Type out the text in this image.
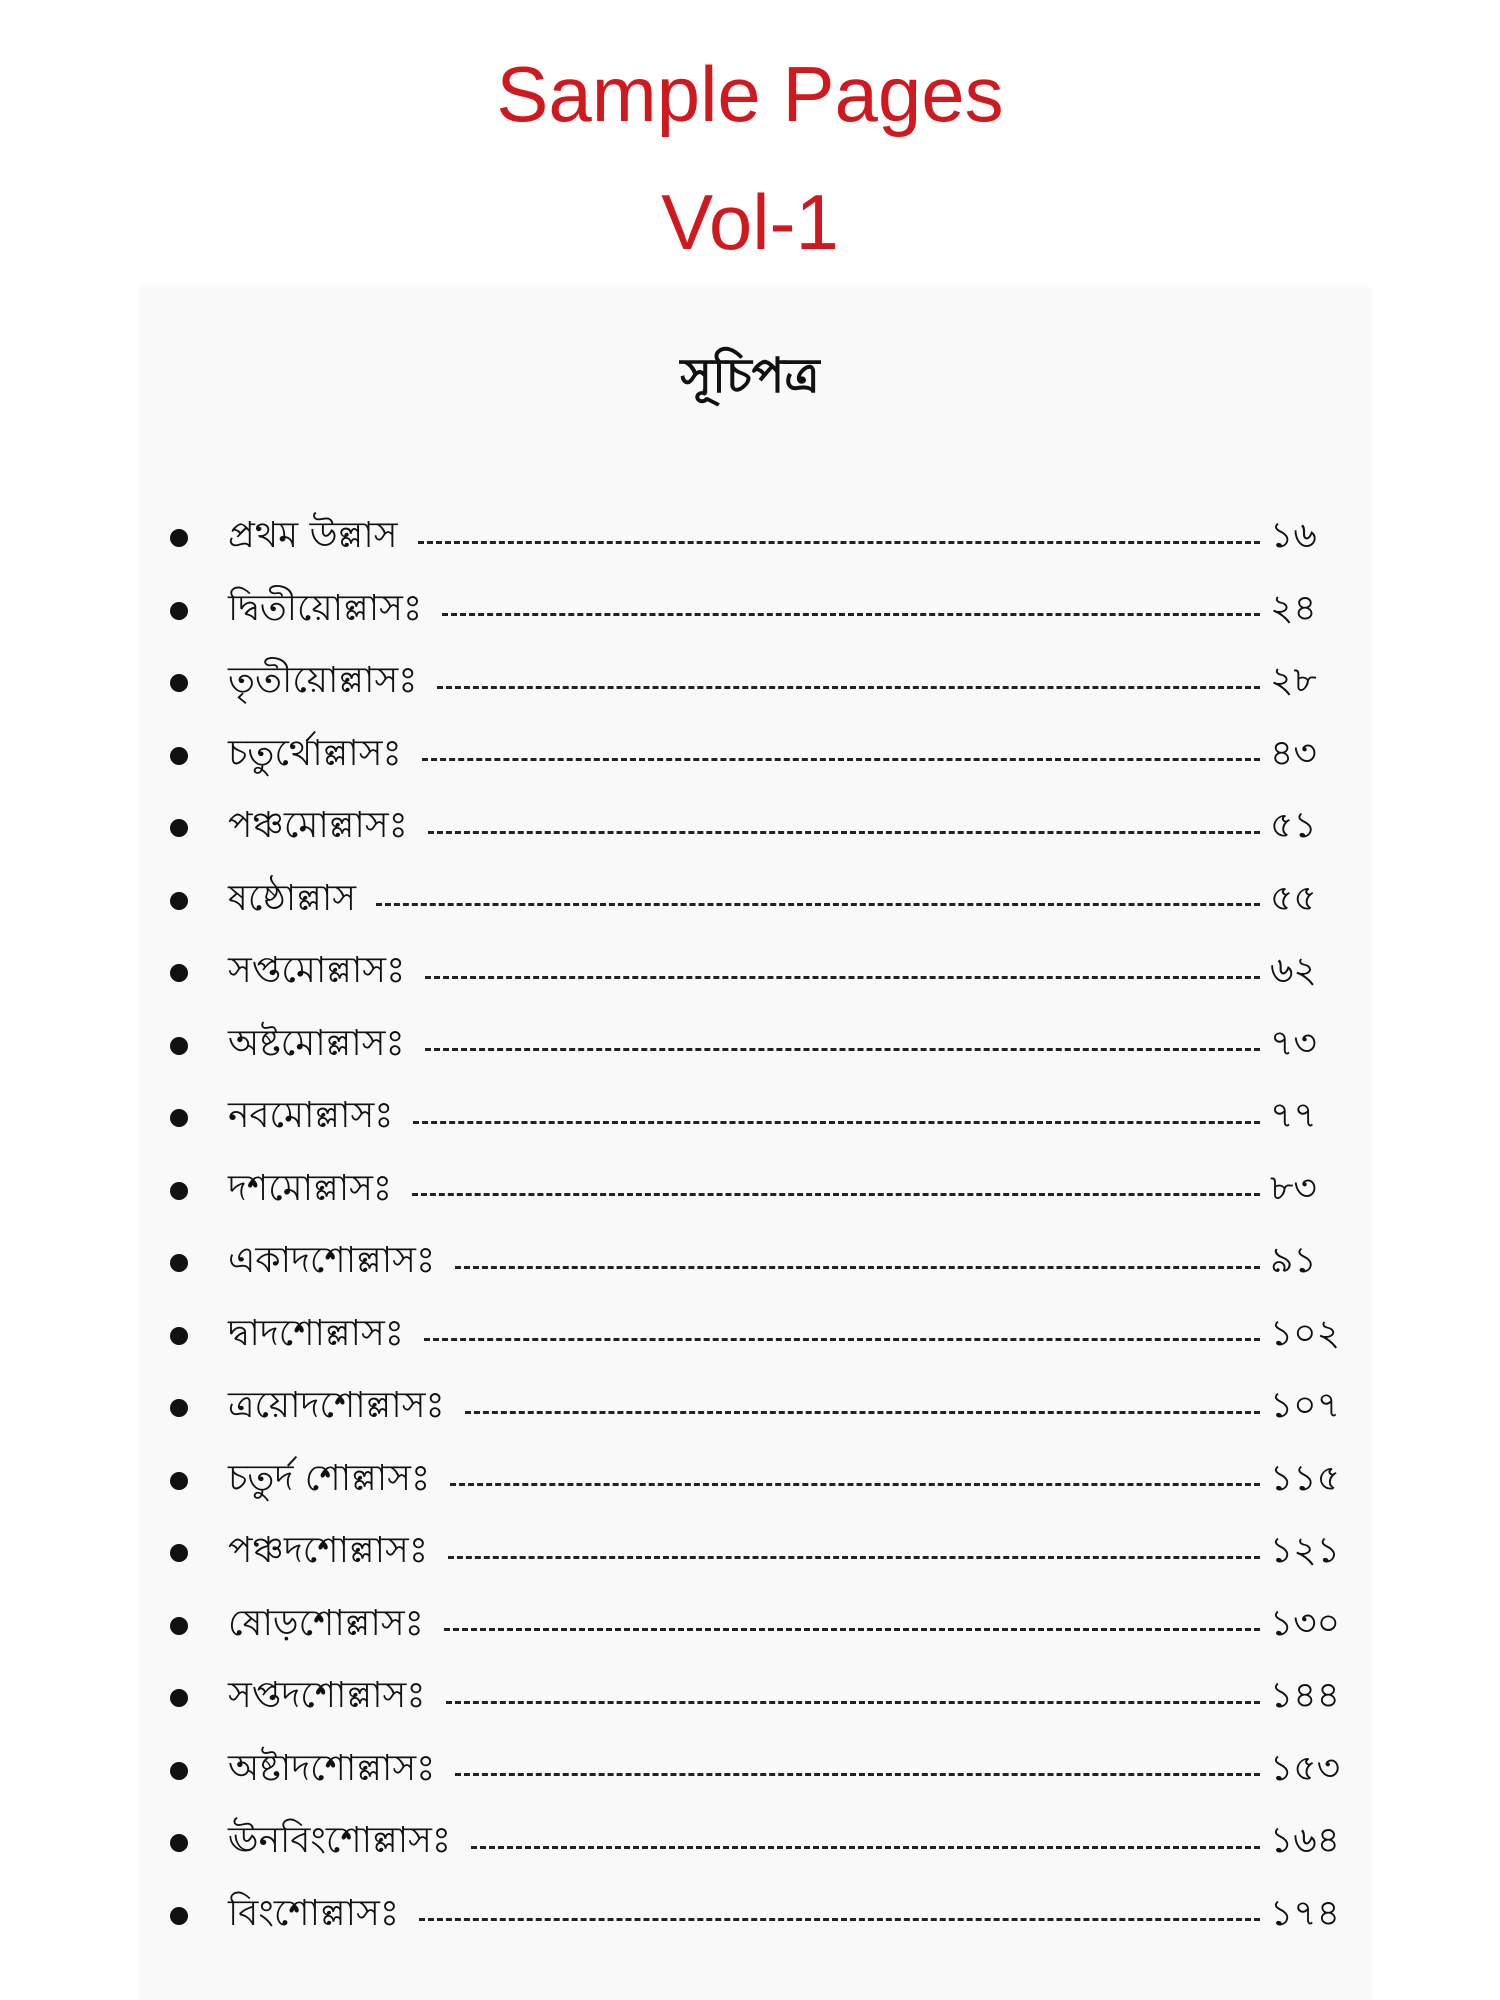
Sample Pages
Vol-1
সূচিপত্র
প্রথম উল্লাস	১৬
দ্বিতীয়োল্লাসঃ	২৪
তৃতীয়োল্লাসঃ	২৮
চতুর্থোল্লাসঃ	৪৩
পঞ্চমোল্লাসঃ	৫১
ষষ্ঠোল্লাস	৫৫
সপ্তমোল্লাসঃ	৬২
অষ্টমোল্লাসঃ	৭৩
নবমোল্লাসঃ	৭৭
দশমোল্লাসঃ	৮৩
একাদশোল্লাসঃ	৯১
দ্বাদশোল্লাসঃ	১০২
ত্রয়োদশোল্লাসঃ	১০৭
চতুর্দ শোল্লাসঃ	১১৫
পঞ্চদশোল্লাসঃ	১২১
ষোড়শোল্লাসঃ	১৩০
সপ্তদশোল্লাসঃ	১৪৪
অষ্টাদশোল্লাসঃ	১৫৩
ঊনবিংশোল্লাসঃ	১৬৪
বিংশোল্লাসঃ	১৭৪
